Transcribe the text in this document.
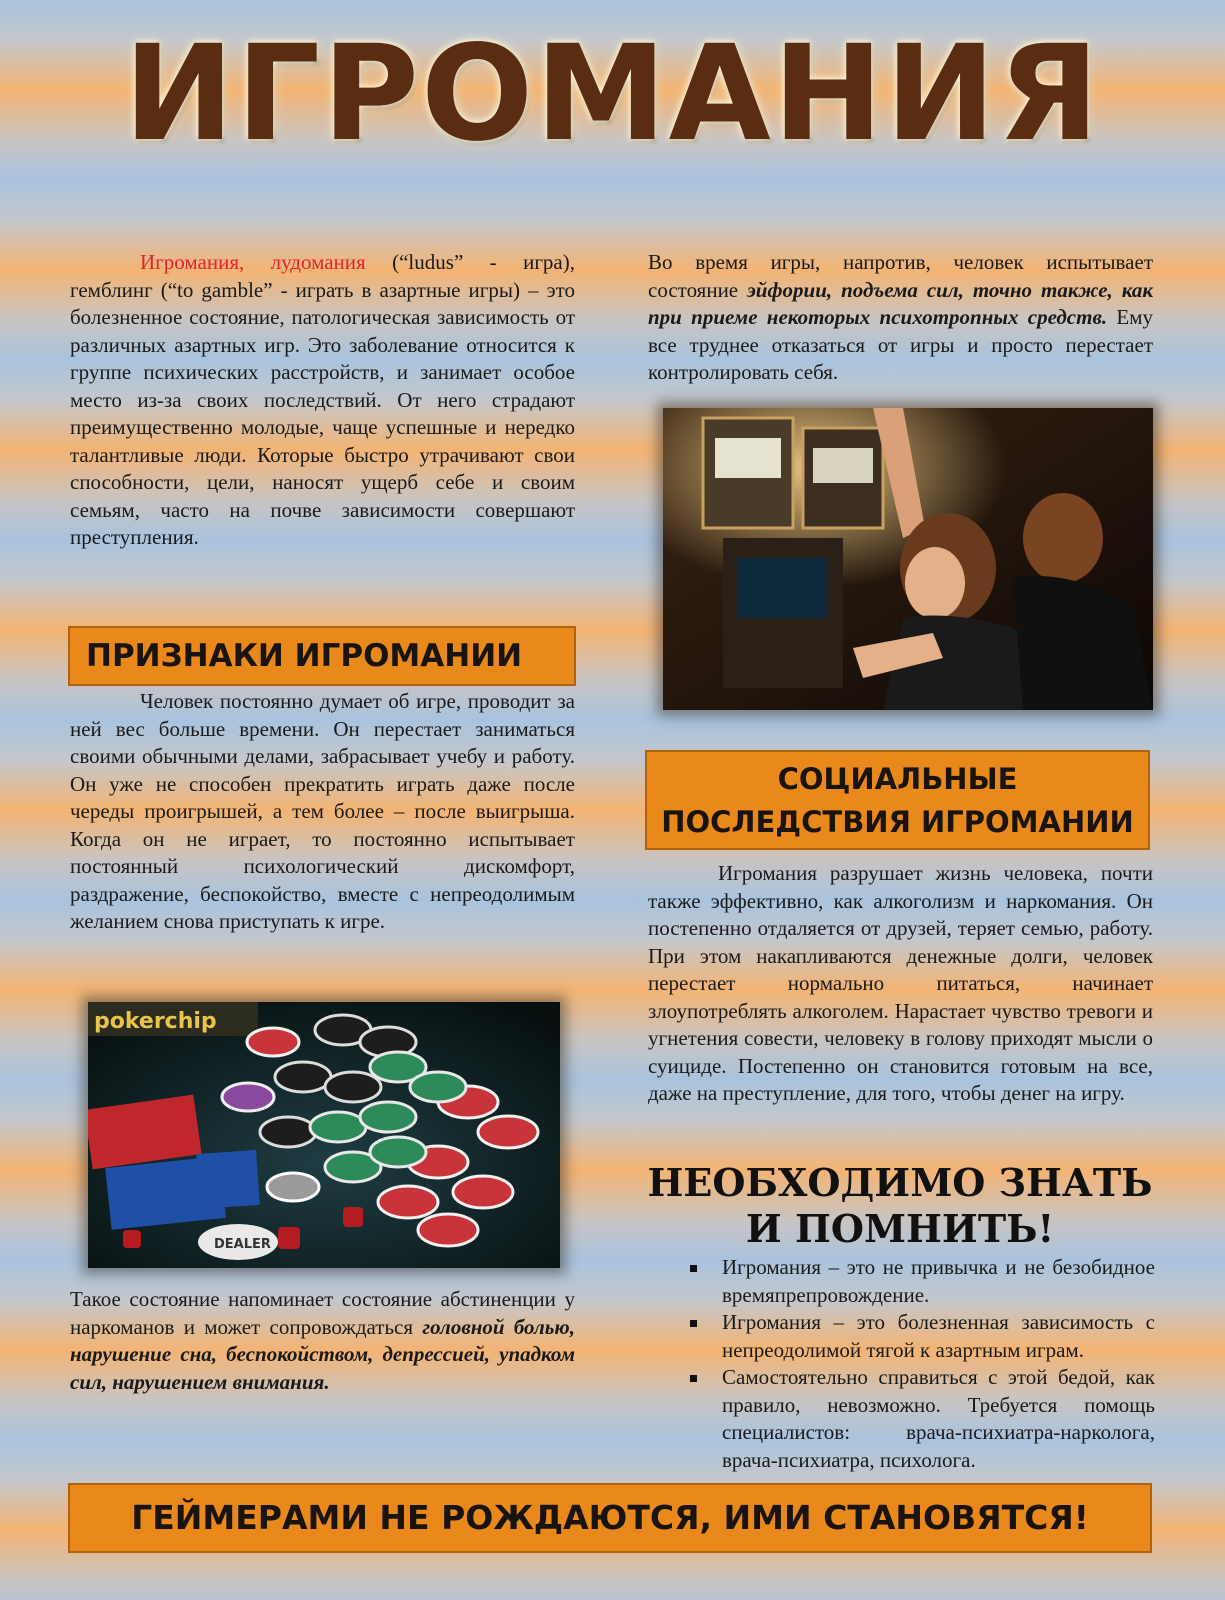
ИГРОМАНИЯ

Игромания, лудомания (“ludus” - игра), гемблинг (“to gamble” - играть в азартные игры) – это болезненное состояние, патологическая зависимость от различных азартных игр. Это заболевание относится к группе психических расстройств, и занимает особое место из-за своих последствий. От него страдают преимущественно молодые, чаще успешные и нередко талантливые люди. Которые быстро утрачивают свои способности, цели, наносят ущерб себе и своим семьям, часто на почве зависимости совершают преступления.

ПРИЗНАКИ ИГРОМАНИИ

Человек постоянно думает об игре, проводит за ней вес больше времени. Он перестает заниматься своими обычными делами, забрасывает учебу и работу. Он уже не способен прекратить играть даже после череды проигрышей, а тем более – после выигрыша. Когда он не играет, то постоянно испытывает постоянный психологический дискомфорт, раздражение, беспокойство, вместе с непреодолимым желанием снова приступать к игре.

pokerchip
DEALER

Такое состояние напоминает состояние абстиненции у наркоманов и может сопровождаться головной болью, нарушение сна, беспокойством, депрессией, упадком сил, нарушением внимания.

Во время игры, напротив, человек испытывает состояние эйфории, подъема сил, точно также, как при приеме некоторых психотропных средств. Ему все труднее отказаться от игры и просто перестает контролировать себя.

СОЦИАЛЬНЫЕ
ПОСЛЕДСТВИЯ ИГРОМАНИИ

Игромания разрушает жизнь человека, почти также эффективно, как алкоголизм и наркомания. Он постепенно отдаляется от друзей, теряет семью, работу. При этом накапливаются денежные долги, человек перестает нормально питаться, начинает злоупотреблять алкоголем. Нарастает чувство тревоги и угнетения совести, человеку в голову приходят мысли о суициде. Постепенно он становится готовым на все, даже на преступление, для того, чтобы денег на игру.

НЕОБХОДИМО ЗНАТЬ
И ПОМНИТЬ!
Игромания – это не привычка и не безобидное времяпрепровождение.
Игромания – это болезненная зависимость с непреодолимой тягой к азартным играм.
Самостоятельно справиться с этой бедой, как правило, невозможно. Требуется помощь специалистов: врача-психиатра-нарколога, врача-психиатра, психолога.
ГЕЙМЕРАМИ НЕ РОЖДАЮТСЯ, ИМИ СТАНОВЯТСЯ!
